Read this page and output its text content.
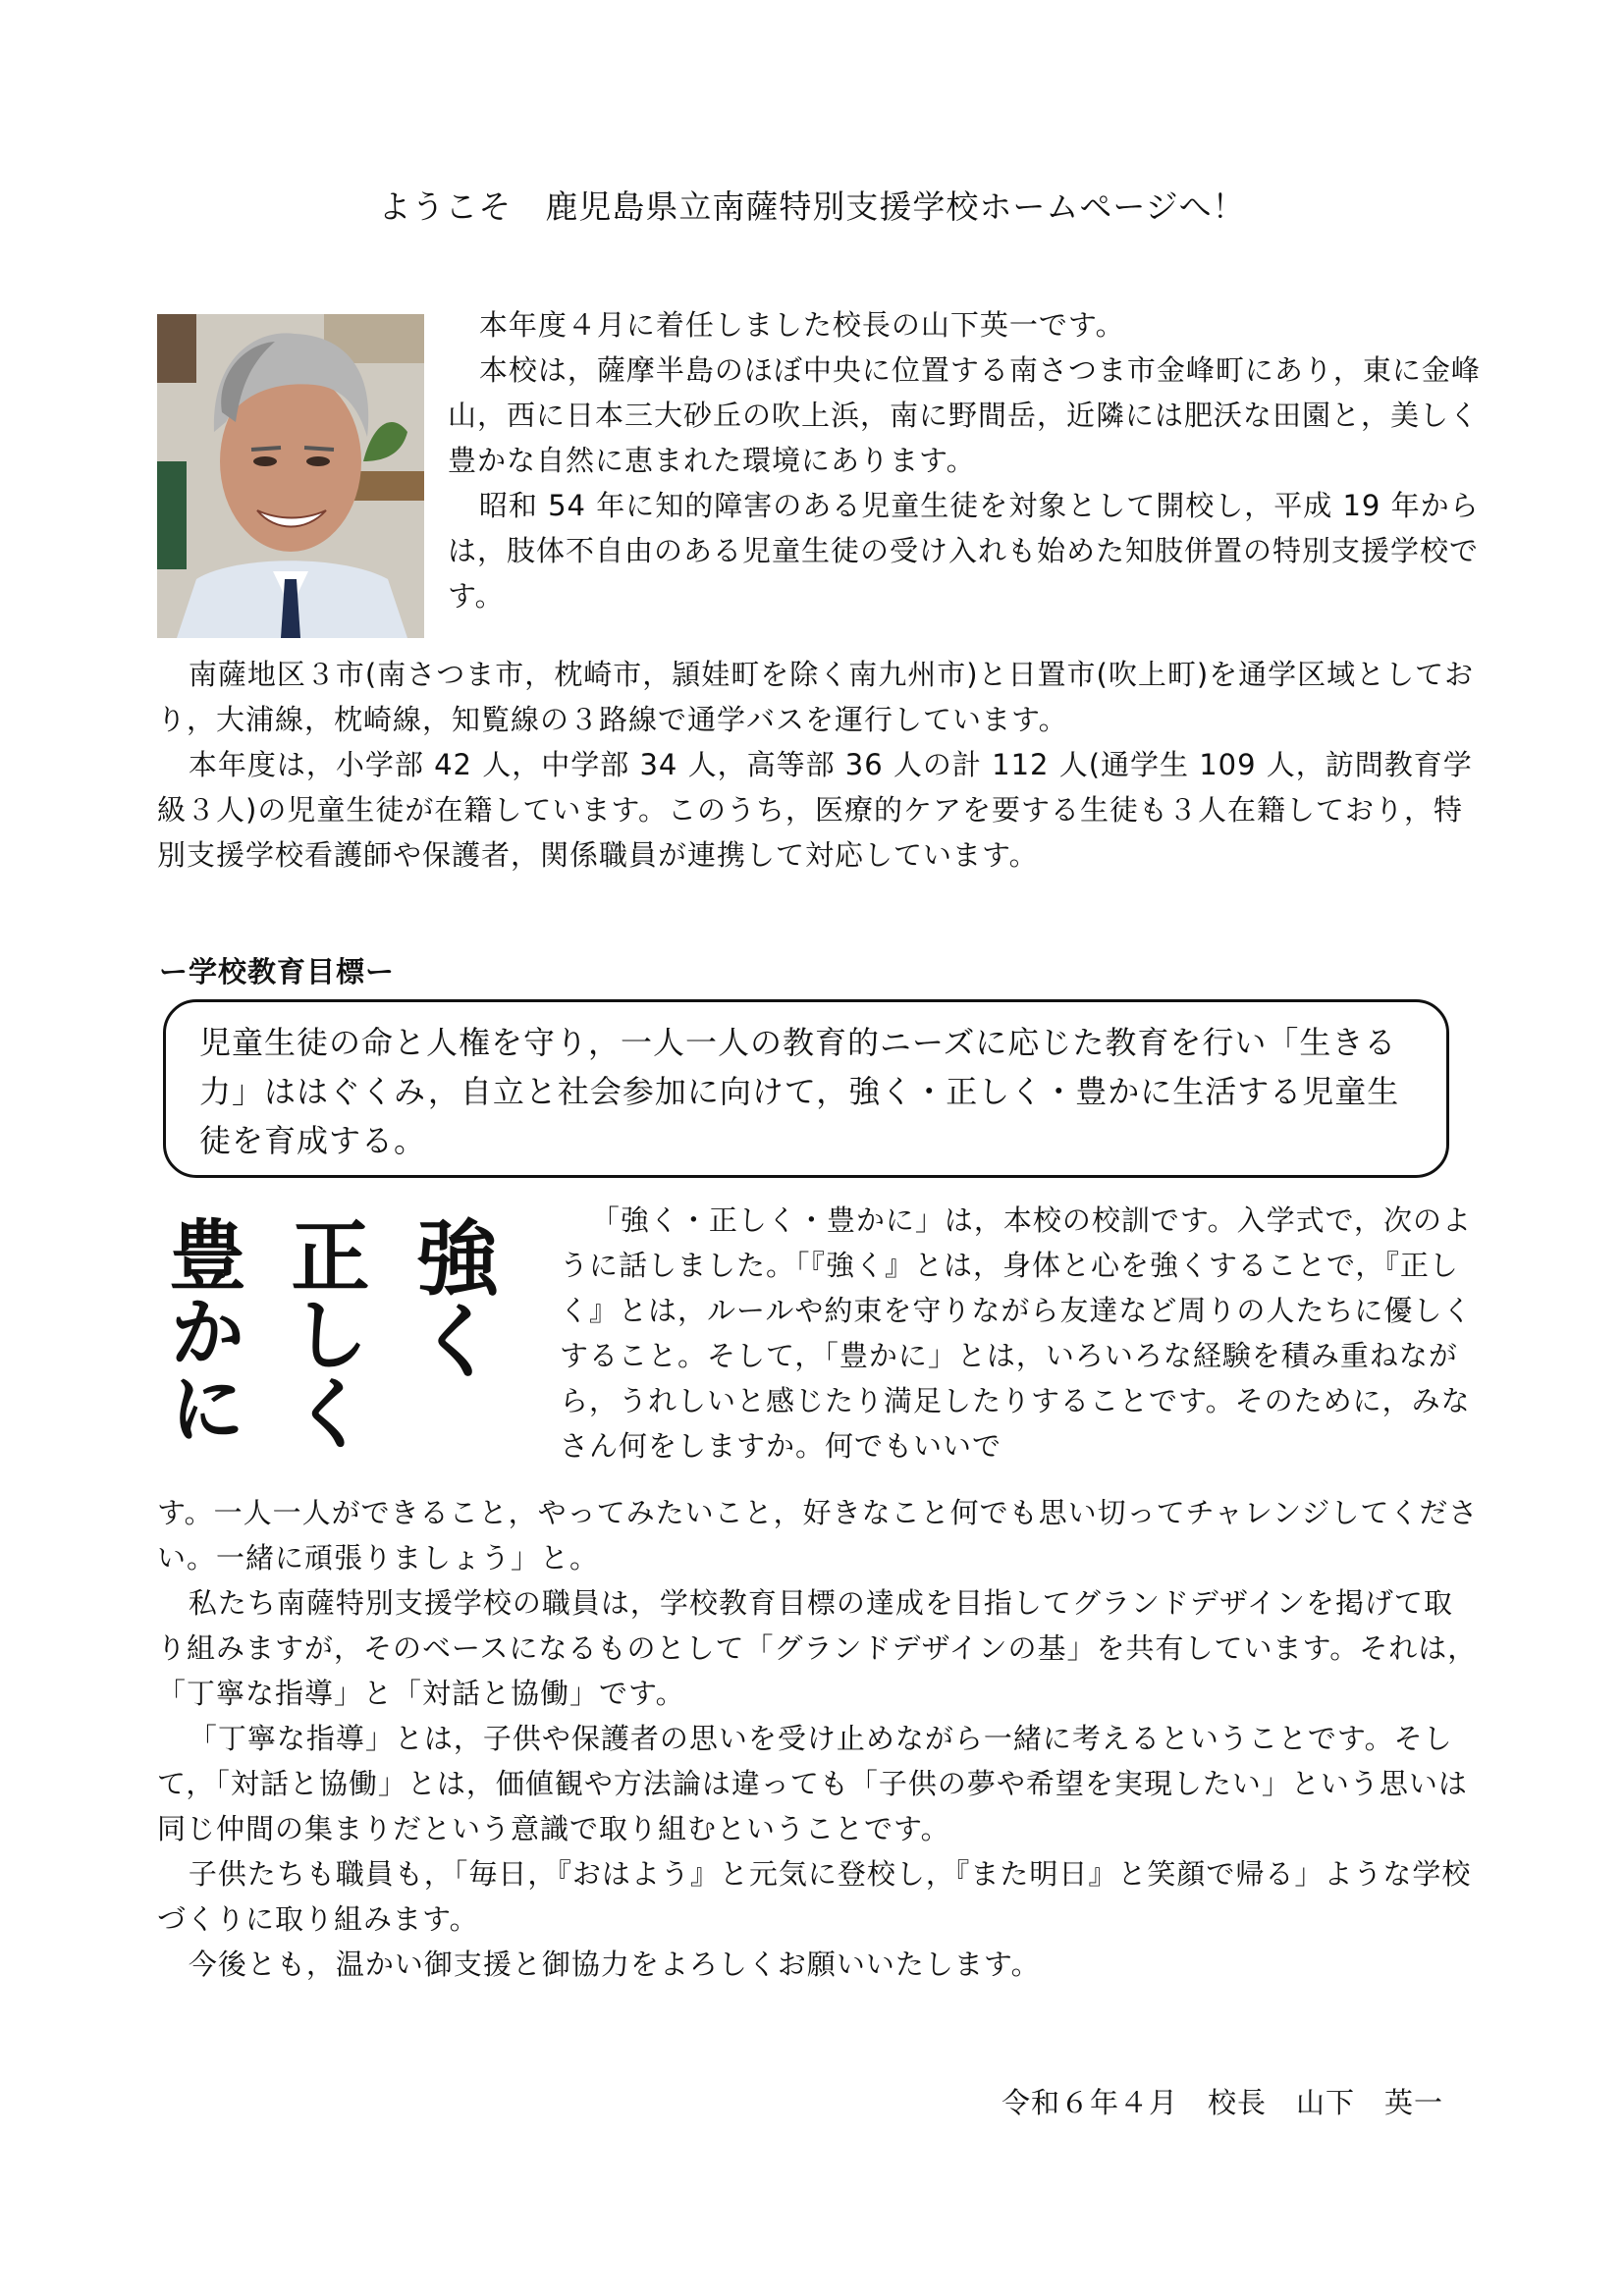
ようこそ　鹿児島県立南薩特別支援学校ホームページへ！

本年度４月に着任しました校長の山下英一です。

本校は，薩摩半島のほぼ中央に位置する南さつま市金峰町にあり，東に金峰山，西に日本三大砂丘の吹上浜，南に野間岳，近隣には肥沃な田園と，美しく豊かな自然に恵まれた環境にあります。

昭和 54 年に知的障害のある児童生徒を対象として開校し，平成 19 年からは，肢体不自由のある児童生徒の受け入れも始めた知肢併置の特別支援学校です。

南薩地区３市(南さつま市，枕崎市，頴娃町を除く南九州市)と日置市(吹上町)を通学区域としており，大浦線，枕崎線，知覧線の３路線で通学バスを運行しています。

本年度は，小学部 42 人，中学部 34 人，高等部 36 人の計 112 人(通学生 109 人，訪問教育学級３人)の児童生徒が在籍しています。このうち，医療的ケアを要する生徒も３人在籍しており，特別支援学校看護師や保護者，関係職員が連携して対応しています。

ー学校教育目標ー
児童生徒の命と人権を守り，一人一人の教育的ニーズに応じた教育を行い「生きる力」ははぐくみ，自立と社会参加に向けて，強く・正しく・豊かに生活する児童生徒を育成する。
豊かに 正しく 強く	「強く・正しく・豊かに」は，本校の校訓です。入学式で，次のように話しました。「『強く』とは，身体と心を強くすることで，『正しく』とは，ルールや約束を守りながら友達など周りの人たちに優しくすること。そして，「豊かに」とは，いろいろな経験を積み重ねながら，うれしいと感じたり満足したりすることです。そのために，みなさん何をしますか。何でもいいで

す。一人一人ができること，やってみたいこと，好きなこと何でも思い切ってチャレンジしてください。一緒に頑張りましょう」と。

私たち南薩特別支援学校の職員は，学校教育目標の達成を目指してグランドデザインを掲げて取り組みますが，そのベースになるものとして「グランドデザインの基」を共有しています。それは，「丁寧な指導」と「対話と協働」です。

「丁寧な指導」とは，子供や保護者の思いを受け止めながら一緒に考えるということです。そして，「対話と協働」とは，価値観や方法論は違っても「子供の夢や希望を実現したい」という思いは同じ仲間の集まりだという意識で取り組むということです。

子供たちも職員も，「毎日，『おはよう』と元気に登校し，『また明日』と笑顔で帰る」ような学校づくりに取り組みます。

今後とも，温かい御支援と御協力をよろしくお願いいたします。

令和６年４月　校長　山下　英一
